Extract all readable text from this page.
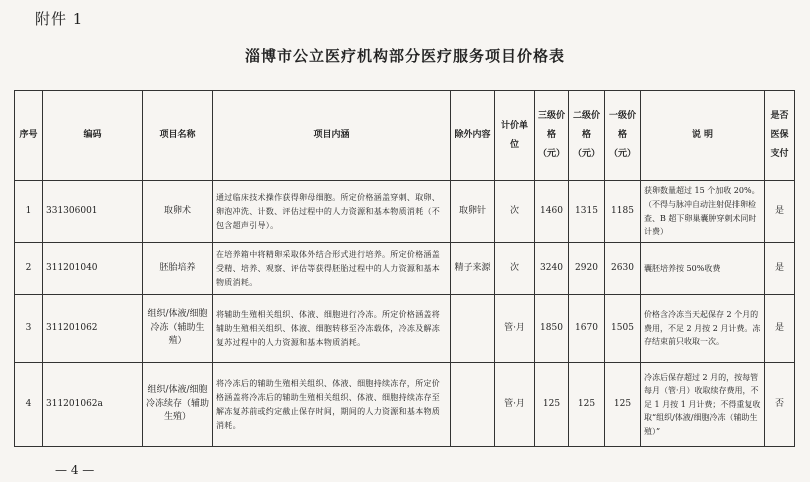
附件 1
淄博市公立医疗机构部分医疗服务项目价格表
序号	编码	项目名称	项目内涵	除外内容	计价单位	三级价格（元）	二级价格（元）	一级价格（元）	说 明	是否医保支付
1	331306001	取卵术	通过临床技术操作获得卵母细胞。所定价格涵盖穿刺、取卵、卵泡冲洗、计数、评估过程中的人力资源和基本物质消耗（不包含超声引导）。	取卵针	次	1460	1315	1185	获卵数量超过 15 个加收 20%。（不得与脉冲自动注射促排卵检查、B 超下卵巢囊肿穿刺术同时计费）	是
2	311201040	胚胎培养	在培养箱中将精卵采取体外结合形式进行培养。所定价格涵盖受精、培养、观察、评估等获得胚胎过程中的人力资源和基本物质消耗。	精子来源	次	3240	2920	2630	囊胚培养按 50%收费	是
3	311201062	组织/体液/细胞冷冻（辅助生殖）	将辅助生殖相关组织、体液、细胞进行冷冻。所定价格涵盖将辅助生殖相关组织、体液、细胞转移至冷冻载体，冷冻及解冻复苏过程中的人力资源和基本物质消耗。		管·月	1850	1670	1505	价格含冷冻当天起保存 2 个月的费用，不足 2 月按 2 月计费。冻存结束前只收取一次。	是
4	311201062a	组织/体液/细胞冷冻续存（辅助生殖）	将冷冻后的辅助生殖相关组织、体液、细胞持续冻存，所定价格涵盖将冷冻后的辅助生殖相关组织、体液、细胞持续冻存至解冻复苏前或约定截止保存时间，期间的人力资源和基本物质消耗。		管·月	125	125	125	冷冻后保存超过 2 月的，按每管每月（管·月）收取续存费用，不足 1 月按 1 月计费；不得重复收取“组织/体液/细胞冷冻（辅助生殖）”	否
— 4 —
